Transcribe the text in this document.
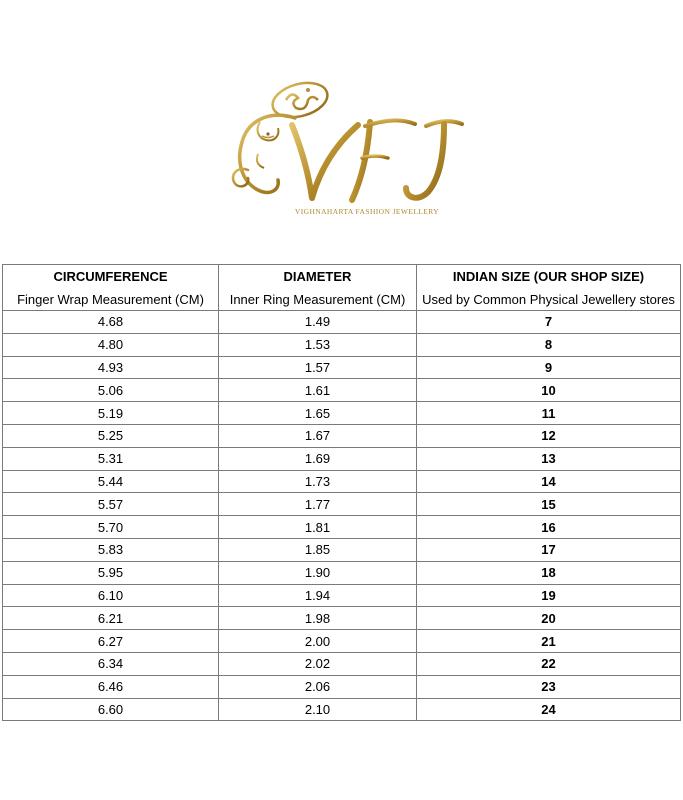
VIGHNAHARTA FASHION JEWELLERY
CIRCUMFERENCE	DIAMETER	INDIAN SIZE (OUR SHOP SIZE)
Finger Wrap Measurement (CM)	Inner Ring Measurement (CM)	Used by Common Physical Jewellery stores
4.68	1.49	7
4.80	1.53	8
4.93	1.57	9
5.06	1.61	10
5.19	1.65	11
5.25	1.67	12
5.31	1.69	13
5.44	1.73	14
5.57	1.77	15
5.70	1.81	16
5.83	1.85	17
5.95	1.90	18
6.10	1.94	19
6.21	1.98	20
6.27	2.00	21
6.34	2.02	22
6.46	2.06	23
6.60	2.10	24
